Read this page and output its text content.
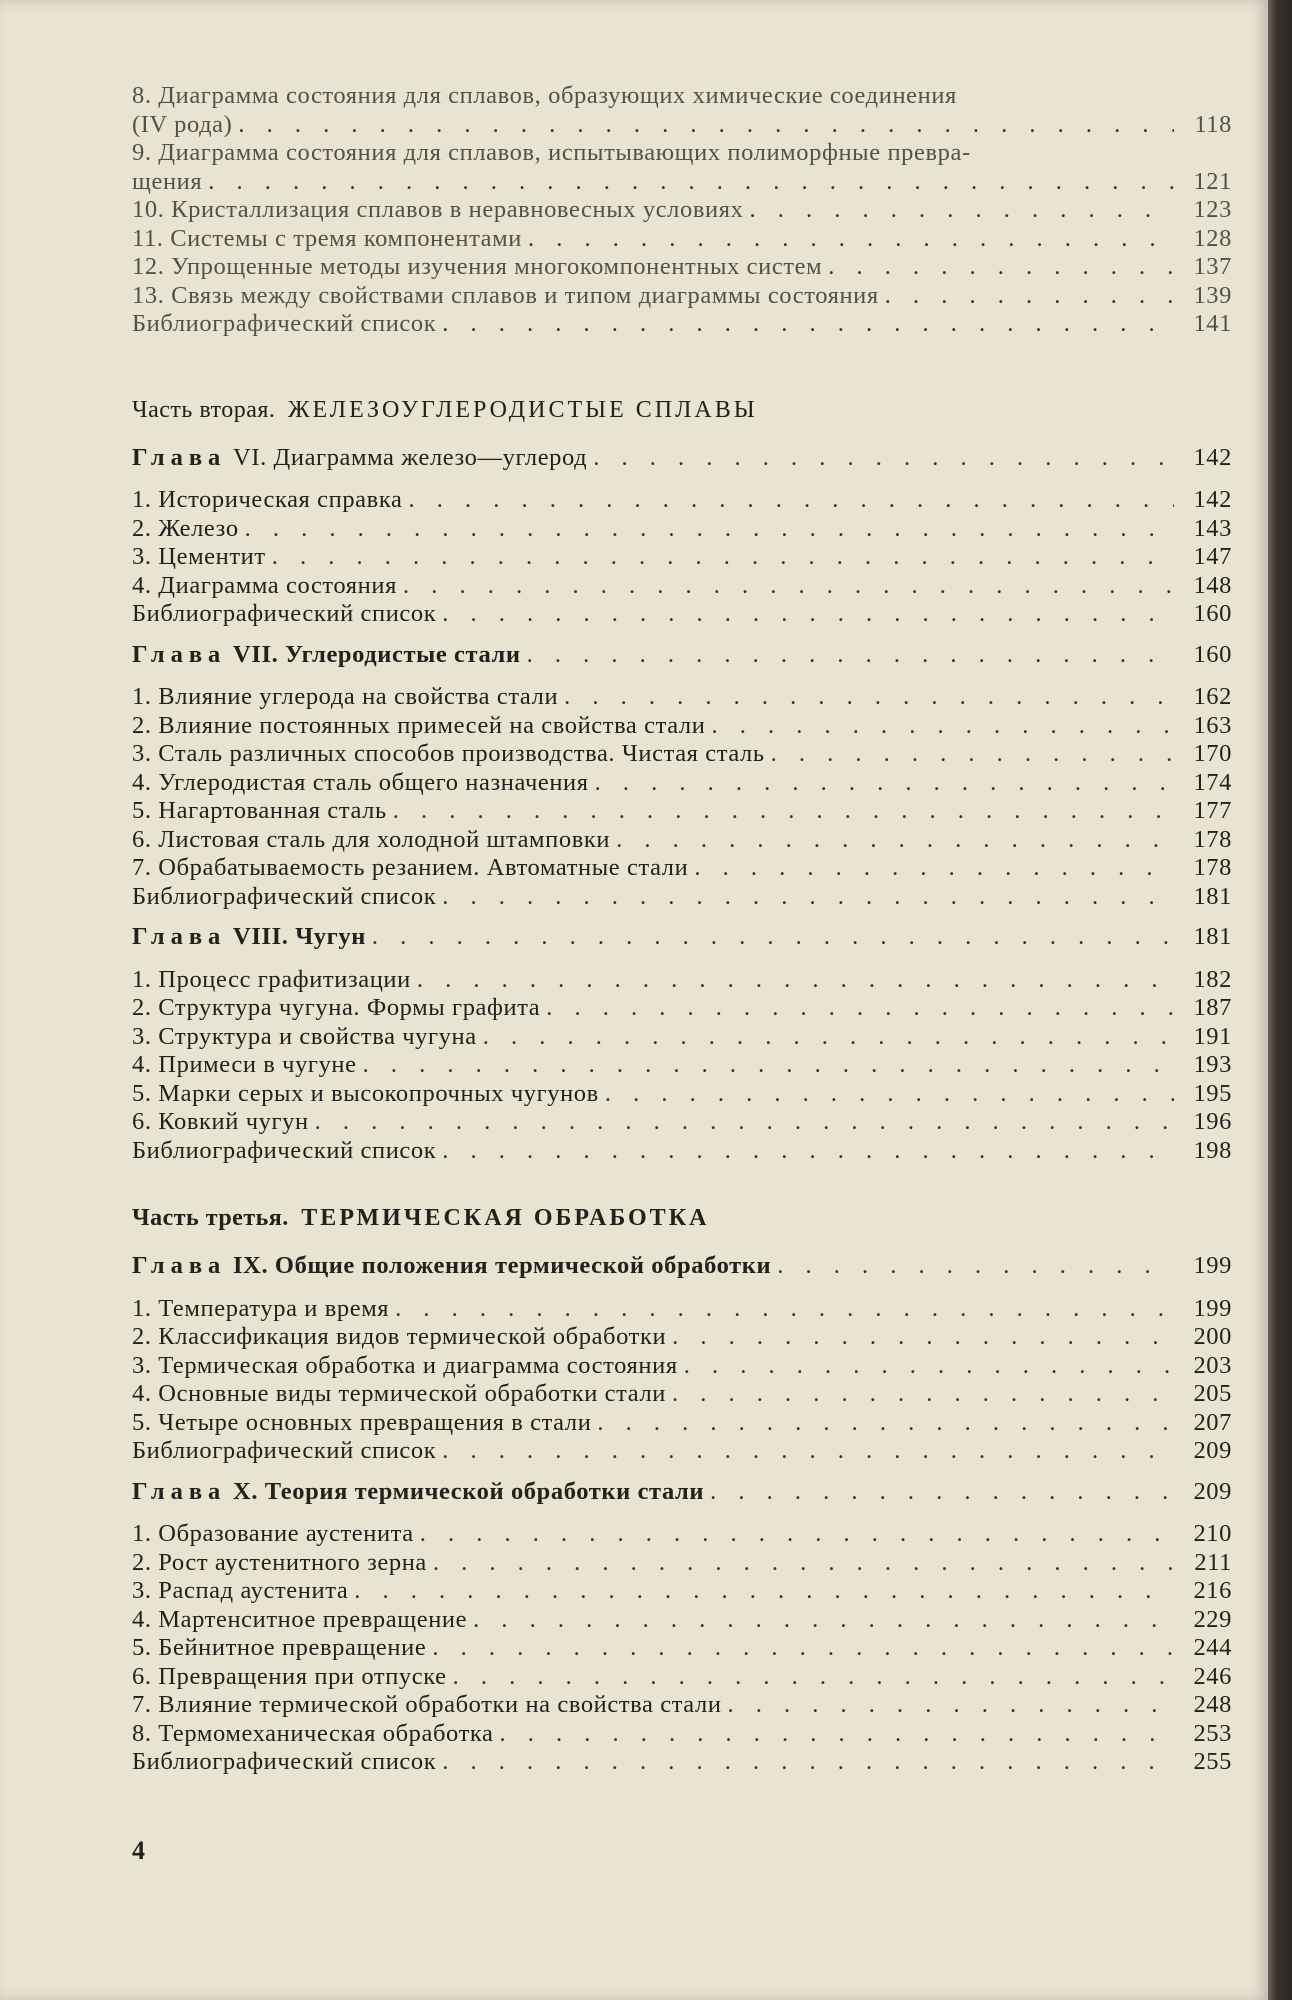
8. Диаграмма состояния для сплавов, образующих химические соединения
(IV рода) . . .	118
9. Диаграмма состояния для сплавов, испытывающих полиморфные превра-
щения . . .	121
10. Кристаллизация сплавов в неравновесных условиях . . .	123
11. Системы с тремя компонентами . . .	128
12. Упрощенные методы изучения многокомпонентных систем . . .	137
13. Связь между свойствами сплавов и типом диаграммы состояния . . .	139
Библиографический список . . .	141
Часть вторая. ЖЕЛЕЗОУГЛЕРОДИСТЫЕ СПЛАВЫ
Глава VI. Диаграмма железо—углерод . . .	142
1. Историческая справка . . .	142
2. Железо . . .	143
3. Цементит . . .	147
4. Диаграмма состояния . . .	148
Библиографический список . . .	160
Глава VII. Углеродистые стали . . .	160
1. Влияние углерода на свойства стали . . .	162
2. Влияние постоянных примесей на свойства стали . . .	163
3. Сталь различных способов производства. Чистая сталь . . .	170
4. Углеродистая сталь общего назначения . . .	174
5. Нагартованная сталь . . .	177
6. Листовая сталь для холодной штамповки . . .	178
7. Обрабатываемость резанием. Автоматные стали . . .	178
Библиографический список . . .	181
Глава VIII. Чугун . . .	181
1. Процесс графитизации . . .	182
2. Структура чугуна. Формы графита . . .	187
3. Структура и свойства чугуна . . .	191
4. Примеси в чугуне . . .	193
5. Марки серых и высокопрочных чугунов . . .	195
6. Ковкий чугун . . .	196
Библиографический список . . .	198
Часть третья. ТЕРМИЧЕСКАЯ ОБРАБОТКА
Глава IX. Общие положения термической обработки . . .	199
1. Температура и время . . .	199
2. Классификация видов термической обработки . . .	200
3. Термическая обработка и диаграмма состояния . . .	203
4. Основные виды термической обработки стали . . .	205
5. Четыре основных превращения в стали . . .	207
Библиографический список . . .	209
Глава X. Теория термической обработки стали . . .	209
1. Образование аустенита . . .	210
2. Рост аустенитного зерна . . .	211
3. Распад аустенита . . .	216
4. Мартенситное превращение . . .	229
5. Бейнитное превращение . . .	244
6. Превращения при отпуске . . .	246
7. Влияние термической обработки на свойства стали . . .	248
8. Термомеханическая обработка . . .	253
Библиографический список . . .	255
4
